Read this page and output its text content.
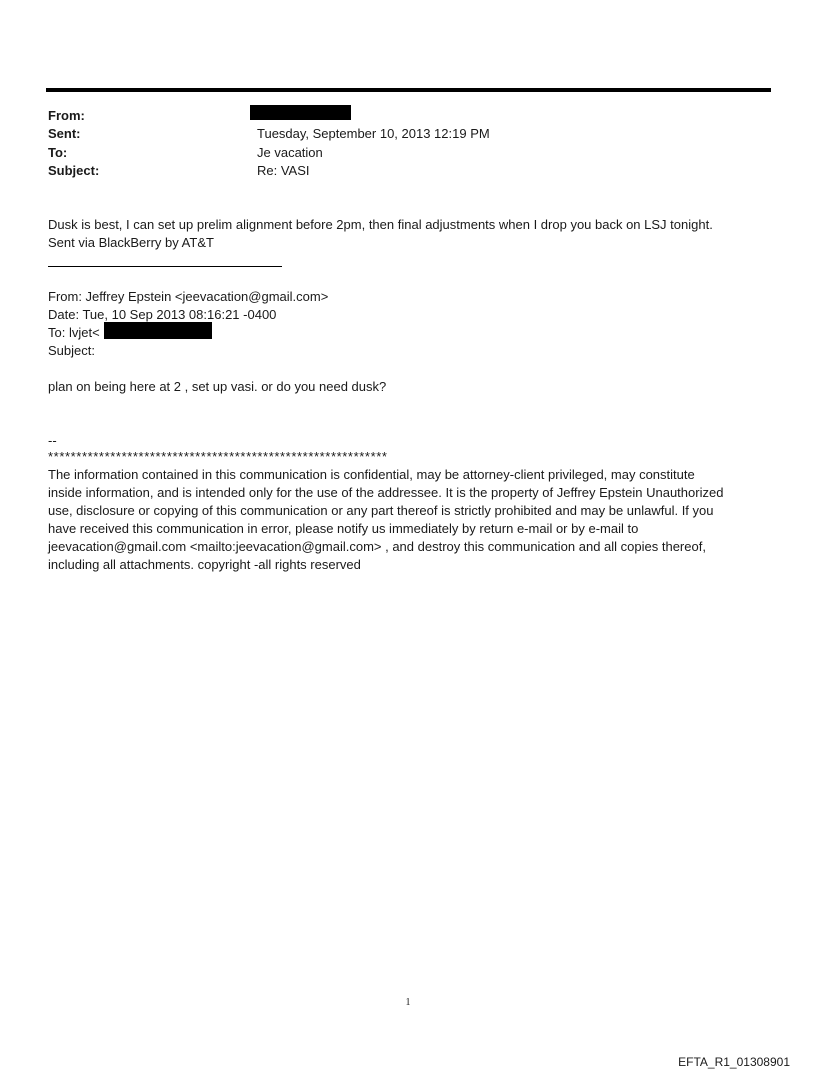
From:
Sent:	Tuesday, September 10, 2013 12:19 PM
To:	Je vacation
Subject:	Re: VASI
Dusk is best, I can set up prelim alignment before 2pm, then final adjustments when I drop you back on LSJ tonight.
Sent via BlackBerry by AT&T
From: Jeffrey Epstein <jeevacation@gmail.com>
Date: Tue, 10 Sep 2013 08:16:21 -0400
To: lvjet<
Subject:
plan on being here at 2 , set up vasi. or do you need dusk?
--
************************************************************
The information contained in this communication is confidential, may be attorney-client privileged, may constitute
inside information, and is intended only for the use of the addressee. It is the property of Jeffrey Epstein Unauthorized
use, disclosure or copying of this communication or any part thereof is strictly prohibited and may be unlawful. If you
have received this communication in error, please notify us immediately by return e-mail or by e-mail to
jeevacation@gmail.com <mailto:jeevacation@gmail.com> , and destroy this communication and all copies thereof,
including all attachments. copyright -all rights reserved
1
EFTA_R1_01308901
